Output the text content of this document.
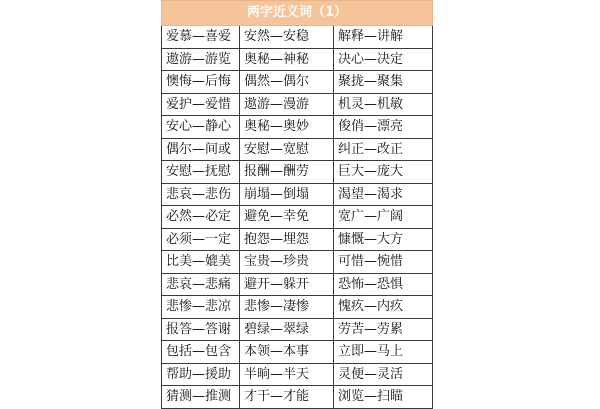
两字近义词（1）		
爱慕—喜爱	安然—安稳	解释—讲解
遨游—游览	奥秘—神秘	决心—决定
懊悔—后悔	偶然—偶尔	聚拢—聚集
爱护—爱惜	遨游—漫游	机灵—机敏
安心—静心	奥秘—奥妙	俊俏—漂亮
偶尔—间或	安慰—宽慰	纠正—改正
安慰—抚慰	报酬—酬劳	巨大—庞大
悲哀—悲伤	崩塌—倒塌	渴望—渴求
必然—必定	避免—幸免	宽广—广阔
必须—一定	抱怨—埋怨	慷慨—大方
比美—媲美	宝贵—珍贵	可惜—惋惜
悲哀—悲痛	避开—躲开	恐怖—恐惧
悲惨—悲凉	悲惨—凄惨	愧疚—内疚
报答—答谢	碧绿—翠绿	劳苦—劳累
包括—包含	本领—本事	立即—马上
帮助—援助	半晌—半天	灵便—灵活
猜测—推测	才干—才能	浏览—扫瞄
